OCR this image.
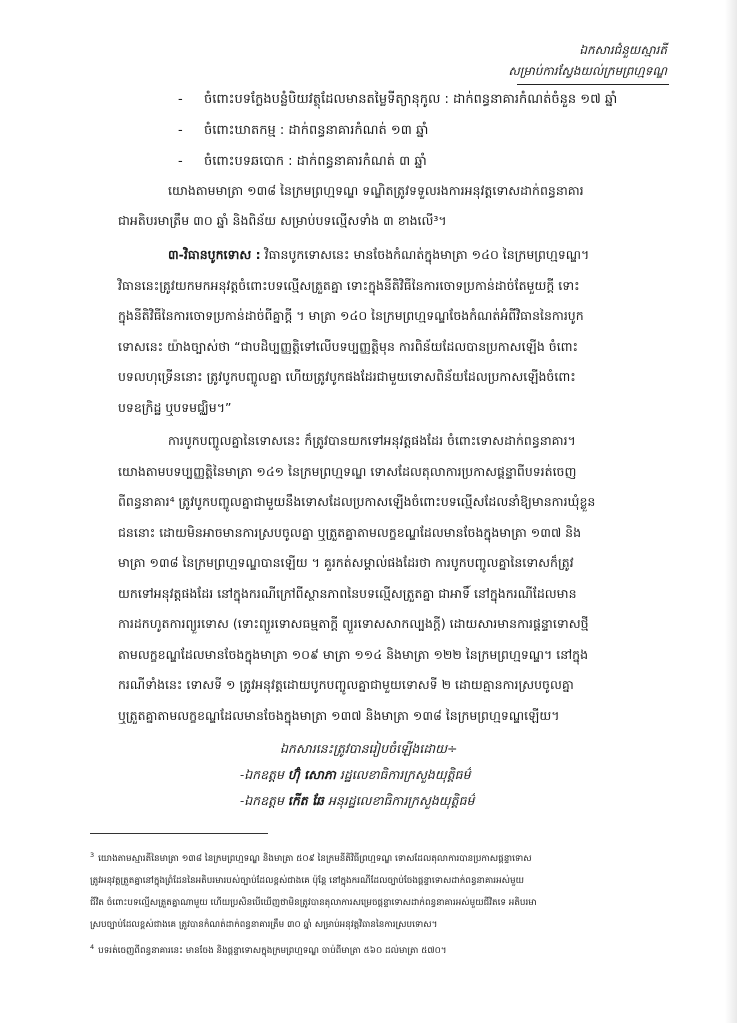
ឯកសារជំនួយស្មារតី
សម្រាប់ការស្វែងយល់ក្រមព្រហ្មទណ្ឌ
-	ចំពោះបទក្លែងបន្លំបិយវត្ថុដែលមានតម្លៃទីត្យានុកូល : ដាក់ពន្ធនាគារកំណត់ចំនួន ១៧ ឆ្នាំ
-	ចំពោះឃាតកម្ម : ដាក់ពន្ធនាគារកំណត់ ១៣ ឆ្នាំ
-	ចំពោះបទឆបោក : ដាក់ពន្ធនាគារកំណត់ ៣ ឆ្នាំ
យោងតាមមាត្រា ១៣៨ នៃក្រមព្រហ្មទណ្ឌ ទណ្ឌិតត្រូវទទួលរងការអនុវត្តទោសដាក់ពន្ធនាគារ
ជាអតិបរមាត្រឹម ៣០ ឆ្នាំ និងពិន័យ សម្រាប់បទល្មើសទាំង ៣ ខាងលើ³។
៣-វិធានបូកទោស : វិធានបូកទោសនេះ មានចែងកំណត់ក្នុងមាត្រា ១៤០ នៃក្រមព្រហ្មទណ្ឌ។
វិធាននេះត្រូវយកមកអនុវត្តចំពោះបទល្មើសត្រួតគ្នា ទោះក្នុងនីតិវិធីនៃការចោទប្រកាន់ដាច់តែមួយក្តី ទោះ
ក្នុងនីតិវិធីនៃការចោទប្រកាន់ដាច់ពីគ្នាក្តី ។ មាត្រា ១៤០ នៃក្រមព្រហ្មទណ្ឌចែងកំណត់អំពីវិធាននៃការបូក
ទោសនេះ យ៉ាងច្បាស់ថា “ជាបដិប្បញ្ញត្តិទៅលើបទប្បញ្ញត្តិមុន ការពិន័យដែលបានប្រកាសឡើង ចំពោះ
បទលហុទ្រើននោះ ត្រូវបូកបញ្ចូលគ្នា ហើយត្រូវបូកផងដែរជាមួយទោសពិន័យដែលប្រកាសឡើងចំពោះ
បទឧក្រិដ្ឋ ឬបទមជ្ឈិម។”
ការបូកបញ្ចូលគ្នានៃទោសនេះ ក៏ត្រូវបានយកទៅអនុវត្តផងដែរ ចំពោះទោសដាក់ពន្ធនាគារ។
យោងតាមបទប្បញ្ញត្តិនៃមាត្រា ១៤១ នៃក្រមព្រហ្មទណ្ឌ ទោសដែលតុលាការប្រកាសផ្តន្ទាពីបទរត់ចេញ
ពីពន្ធនាគារ⁴ ត្រូវបូកបញ្ចូលគ្នាជាមួយនឹងទោសដែលប្រកាសឡើងចំពោះបទល្មើសដែលនាំឱ្យមានការឃុំខ្លួន
ជននោះ ដោយមិនអាចមានការស្របចូលគ្នា ឬត្រួតគ្នាតាមលក្ខខណ្ឌដែលមានចែងក្នុងមាត្រា ១៣៧ និង
មាត្រា ១៣៨ នៃក្រមព្រហ្មទណ្ឌបានឡើយ ។ គួរកត់សម្គាល់ផងដែរថា ការបូកបញ្ចូលគ្នានៃទោសក៏ត្រូវ
យកទៅអនុវត្តផងដែរ នៅក្នុងករណីក្រៅពីស្ថានភាពនៃបទល្មើសត្រួតគ្នា ជាអាទិ៍ នៅក្នុងករណីដែលមាន
ការដកហូតការព្យួរទោស (ទោះព្យួរទោសធម្មតាក្តី ព្យួរទោសសាកល្បងក្តី) ដោយសារមានការផ្តន្ទាទោសថ្មី
តាមលក្ខខណ្ឌដែលមានចែងក្នុងមាត្រា ១០៩ មាត្រា ១១៤ និងមាត្រា ១២២ នៃក្រមព្រហ្មទណ្ឌ។ នៅក្នុង
ករណីទាំងនេះ ទោសទី ១ ត្រូវអនុវត្តដោយបូកបញ្ចូលគ្នាជាមួយទោសទី ២ ដោយគ្មានការស្របចូលគ្នា
ឬត្រួតគ្នាតាមលក្ខខណ្ឌដែលមានចែងក្នុងមាត្រា ១៣៧ និងមាត្រា ១៣៨ នៃក្រមព្រហ្មទណ្ឌឡើយ។
ឯកសារនេះត្រូវបានរៀបចំឡើងដោយ÷
-ឯកឧត្តម ហ៊ុំ សោភា រដ្ឋលេខាធិការក្រសួងយុត្តិធម៌
-ឯកឧត្តម កើត ឆែ អនុរដ្ឋលេខាធិការក្រសួងយុត្តិធម៌
$^3$ យោងតាមស្មារតីនៃមាត្រា ១៣៨ នៃក្រមព្រហ្មទណ្ឌ និងមាត្រា ៥០៩ នៃក្រមនីតិវិធីព្រហ្មទណ្ឌ ទោសដែលតុលាការបានប្រកាសផ្តន្ទាទោស
ត្រូវអនុវត្តត្រួតគ្នានៅក្នុងព្រំដែននៃអតិបរមារបស់ច្បាប់ដែលខ្ពស់ជាងគេ ប៉ុន្តែ នៅក្នុងករណីដែលច្បាប់ចែងផ្តន្ទាទោសដាក់ពន្ធនាគារអស់មួយ
ជីវិត ចំពោះបទល្មើសត្រួតគ្នាណាមួយ ហើយប្រសិនបើឃើញថាមិនត្រូវបានតុលាការសម្រេចផ្តន្ទាទោសដាក់ពន្ធនាគារអស់មួយជីវិតទេ អតិបរមា
ស្របច្បាប់ដែលខ្ពស់ជាងគេ ត្រូវបានកំណត់ដាក់ពន្ធនាគារត្រឹម ៣០ ឆ្នាំ សម្រាប់អនុវត្តវិធាននៃការស្របទោស។
$^4$ បទរត់ចេញពីពន្ធនាគារនេះ មានចែង និងផ្តន្ទាទោសក្នុងក្រមព្រហ្មទណ្ឌ ចាប់ពីមាត្រា ៥៦០ ដល់មាត្រា ៥៧០។
